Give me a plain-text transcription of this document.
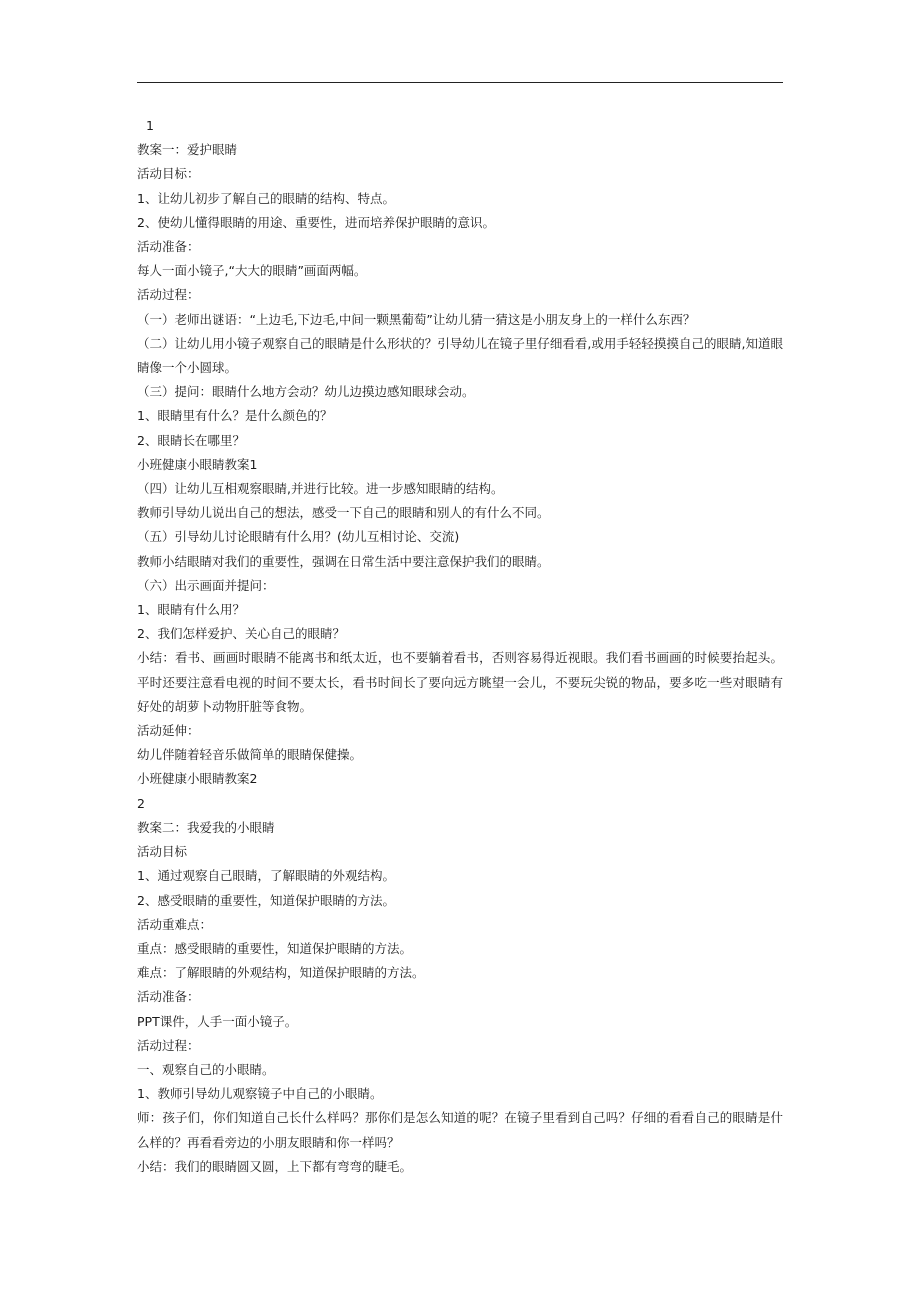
1

教案一：爱护眼睛

活动目标：

1、让幼儿初步了解自己的眼睛的结构、特点。

2、使幼儿懂得眼睛的用途、重要性，进而培养保护眼睛的意识。

活动准备：

每人一面小镜子,“大大的眼睛”画面两幅。

活动过程：

（一）老师出谜语：“上边毛,下边毛,中间一颗黑葡萄”让幼儿猜一猜这是小朋友身上的一样什么东西？

（二）让幼儿用小镜子观察自己的眼睛是什么形状的？引导幼儿在镜子里仔细看看,或用手轻轻摸摸自己的眼睛,知道眼睛像一个小圆球。

（三）提问：眼睛什么地方会动？幼儿边摸边感知眼球会动。

1、眼睛里有什么？是什么颜色的？

2、眼睛长在哪里？

小班健康小眼睛教案1

（四）让幼儿互相观察眼睛,并进行比较。进一步感知眼睛的结构。

教师引导幼儿说出自己的想法，感受一下自己的眼睛和别人的有什么不同。

（五）引导幼儿讨论眼睛有什么用？(幼儿互相讨论、交流)

教师小结眼睛对我们的重要性，强调在日常生活中要注意保护我们的眼睛。

（六）出示画面并提问：

1、眼睛有什么用？

2、我们怎样爱护、关心自己的眼睛？

小结：看书、画画时眼睛不能离书和纸太近，也不要躺着看书，否则容易得近视眼。我们看书画画的时候要抬起头。平时还要注意看电视的时间不要太长，看书时间长了要向远方眺望一会儿，不要玩尖锐的物品，要多吃一些对眼睛有好处的胡萝卜动物肝脏等食物。

活动延伸：

幼儿伴随着轻音乐做简单的眼睛保健操。

小班健康小眼睛教案2

2

教案二：我爱我的小眼睛

活动目标

1、通过观察自己眼睛，了解眼睛的外观结构。

2、感受眼睛的重要性，知道保护眼睛的方法。

活动重难点：

重点：感受眼睛的重要性，知道保护眼睛的方法。

难点：了解眼睛的外观结构，知道保护眼睛的方法。

活动准备：

PPT课件，人手一面小镜子。

活动过程：

一、观察自己的小眼睛。

1、教师引导幼儿观察镜子中自己的小眼睛。

师：孩子们，你们知道自己长什么样吗？那你们是怎么知道的呢？在镜子里看到自己吗？仔细的看看自己的眼睛是什么样的？再看看旁边的小朋友眼睛和你一样吗？

小结：我们的眼睛圆又圆，上下都有弯弯的睫毛。
